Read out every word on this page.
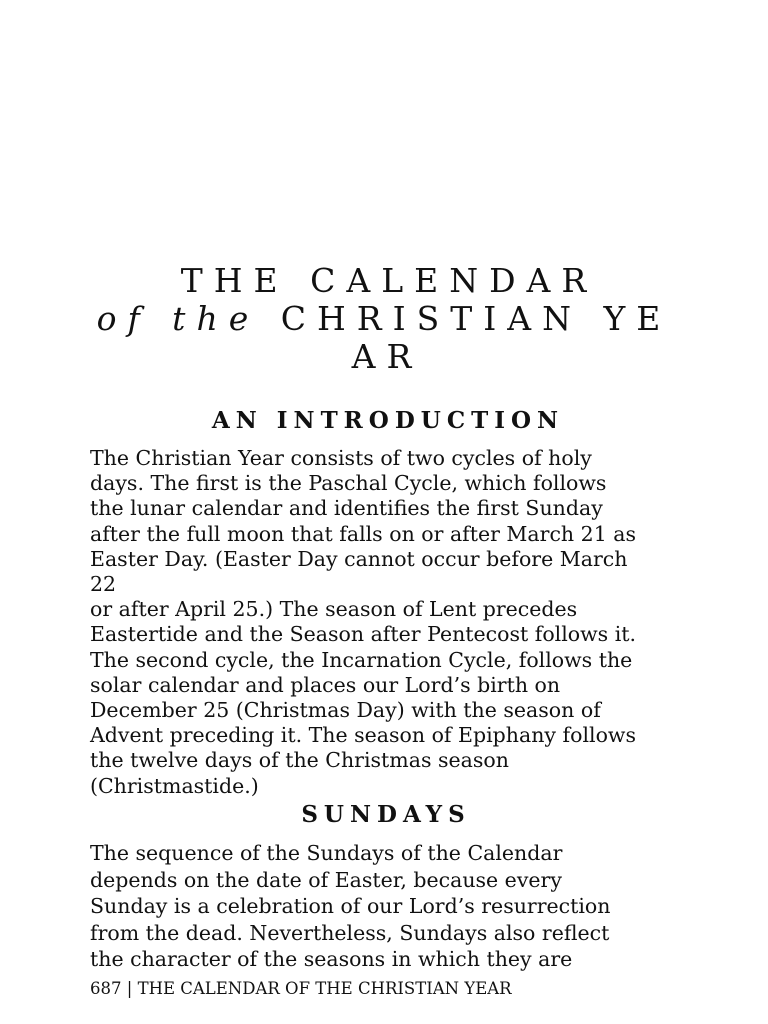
THE CALENDAR

of the CHRISTIAN YE

AR

AN INTRODUCTION
The Christian Year consists of two cycles of holy
days. The first is the Paschal Cycle, which follows
the lunar calendar and identifies the first Sunday
after the full moon that falls on or after March 21 as
Easter Day. (Easter Day cannot occur before March
22
or after April 25.) The season of Lent precedes
Eastertide and the Season after Pentecost follows it.
The second cycle, the Incarnation Cycle, follows the
solar calendar and places our Lord’s birth on
December 25 (Christmas Day) with the season of
Advent preceding it. The season of Epiphany follows
the twelve days of the Christmas season
(Christmastide.)
SUNDAYS
The sequence of the Sundays of the Calendar
depends on the date of Easter, because every
Sunday is a celebration of our Lord’s resurrection
from the dead. Nevertheless, Sundays also reflect
the character of the seasons in which they are
687 | THE CALENDAR OF THE CHRISTIAN YEAR
